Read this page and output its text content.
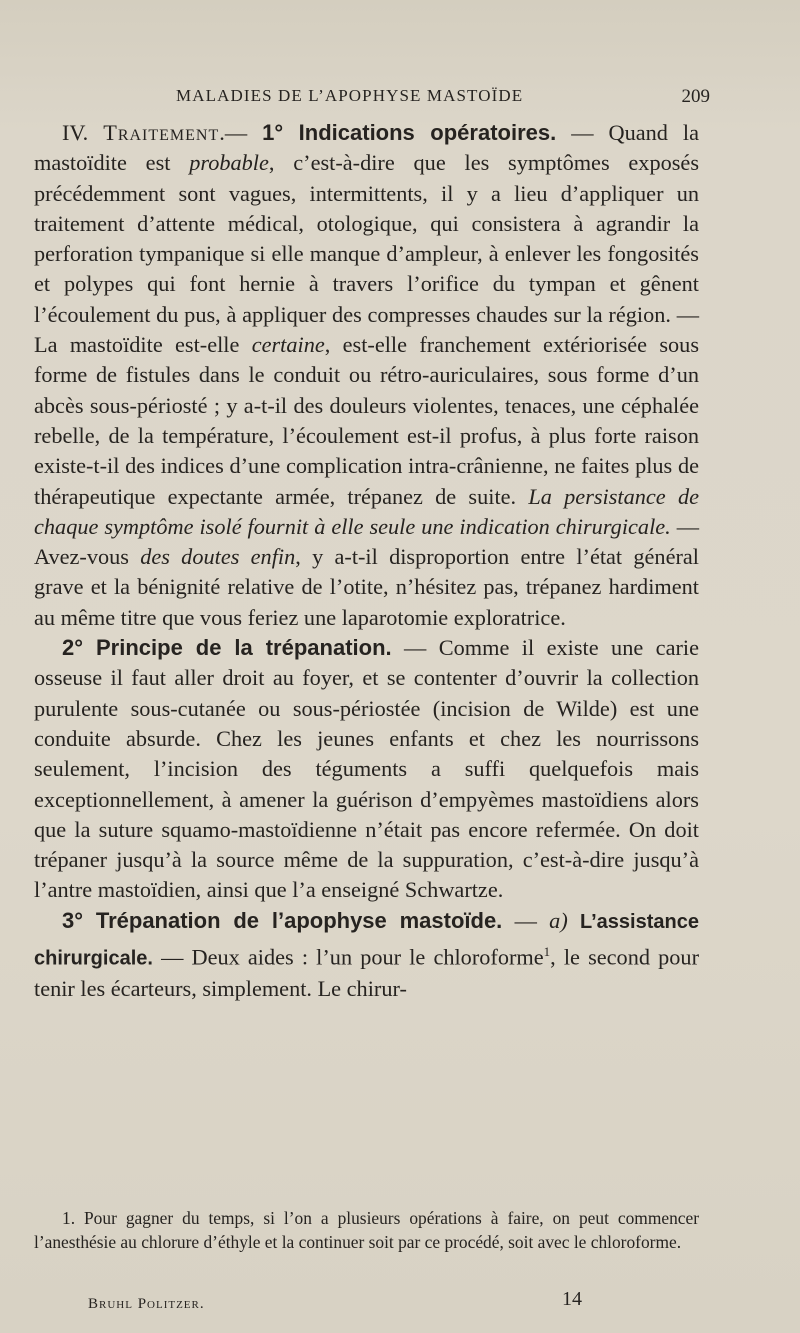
MALADIES DE L’APOPHYSE MASTOÏDE	209

IV. Traitement.— 1° Indications opératoires. — Quand la mastoïdite est probable, c’est-à-dire que les symptômes exposés précédemment sont vagues, intermittents, il y a lieu d’appliquer un traitement d’attente médical, otologique, qui consistera à agrandir la perforation tympanique si elle manque d’ampleur, à enlever les fongosités et polypes qui font hernie à travers l’orifice du tympan et gênent l’écoulement du pus, à appliquer des compresses chaudes sur la région. — La mastoïdite est-elle certaine, est-elle franchement extériorisée sous forme de fistules dans le conduit ou rétro-auriculaires, sous forme d’un abcès sous-périosté ; y a-t-il des douleurs violentes, tenaces, une céphalée rebelle, de la température, l’écoulement est-il profus, à plus forte raison existe-t-il des indices d’une complication intra-crânienne, ne faites plus de thérapeutique expectante armée, trépanez de suite. La persistance de chaque symptôme isolé fournit à elle seule une indication chirurgicale. — Avez-vous des doutes enfin, y a-t-il disproportion entre l’état général grave et la bénignité relative de l’otite, n’hésitez pas, trépanez hardiment au même titre que vous feriez une laparotomie exploratrice.

2° Principe de la trépanation. — Comme il existe une carie osseuse il faut aller droit au foyer, et se contenter d’ouvrir la collection purulente sous-cutanée ou sous-périostée (incision de Wilde) est une conduite absurde. Chez les jeunes enfants et chez les nourrissons seulement, l’incision des téguments a suffi quelquefois mais exceptionnellement, à amener la guérison d’empyèmes mastoïdiens alors que la suture squamo-mastoïdienne n’était pas encore refermée. On doit trépaner jusqu’à la source même de la suppuration, c’est-à-dire jusqu’à l’antre mastoïdien, ainsi que l’a enseigné Schwartze.

3° Trépanation de l’apophyse mastoïde. — a) L’assistance chirurgicale. — Deux aides : l’un pour le chloroforme$^1$, le second pour tenir les écarteurs, simplement. Le chirur-

1. Pour gagner du temps, si l’on a plusieurs opérations à faire, on peut commencer l’anesthésie au chlorure d’éthyle et la continuer soit par ce procédé, soit avec le chloroforme.

Bruhl Politzer.	14
